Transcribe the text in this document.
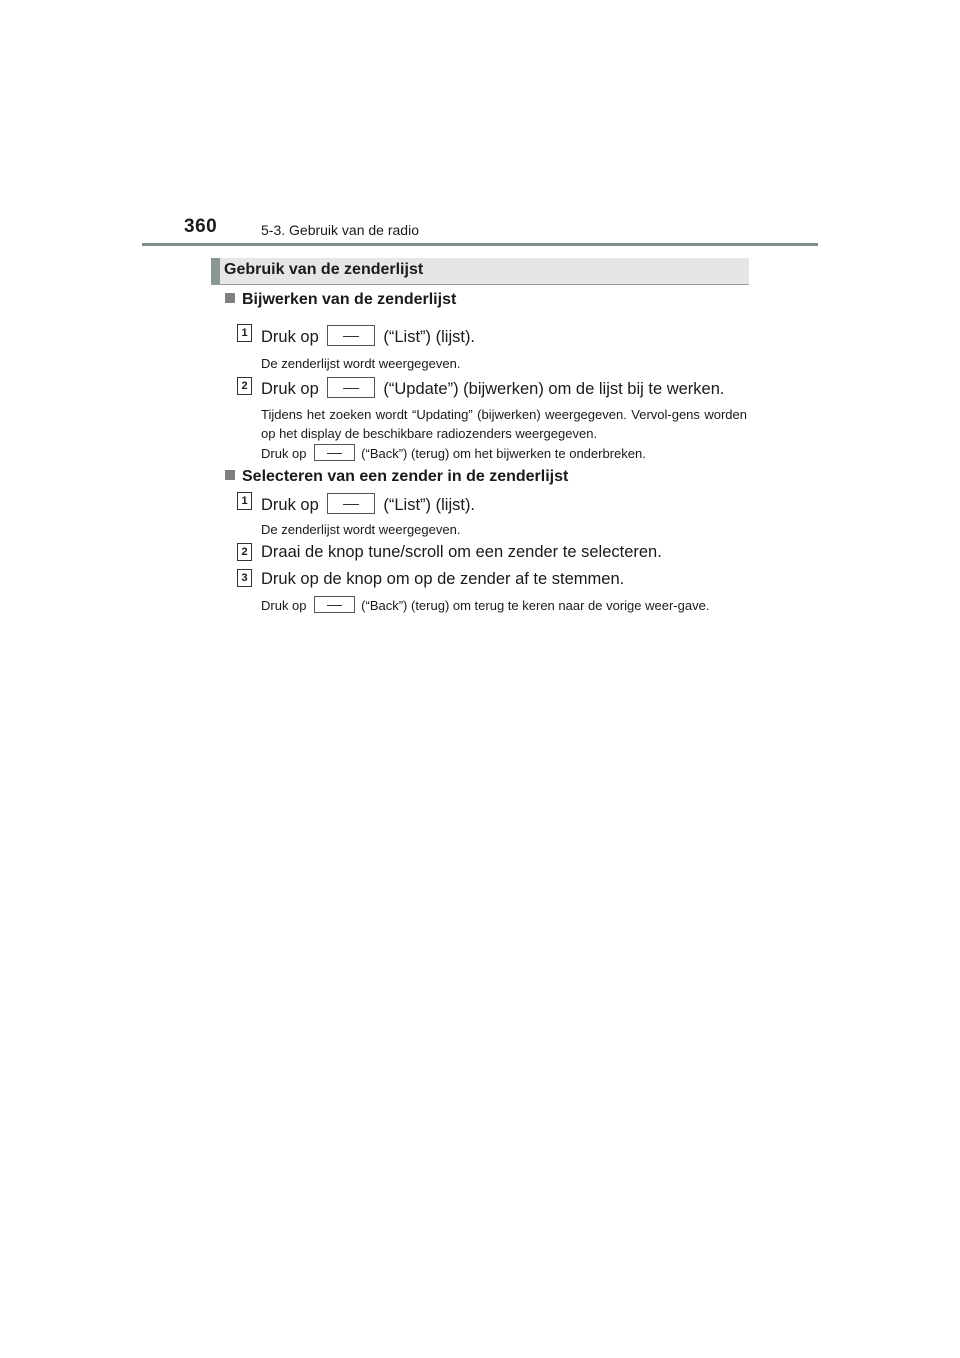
360	5-3. Gebruik van de radio
Gebruik van de zenderlijst
Bijwerken van de zenderlijst
1 Druk op	(“List”) (lijst).
De zenderlijst wordt weergegeven.
2 Druk op	(“Update”) (bijwerken) om de lijst bij te werken.
Tijdens het zoeken wordt “Updating” (bijwerken) weergegeven. Vervol-gens worden op het display de beschikbare radiozenders weergegeven.
Druk op	(“Back”) (terug) om het bijwerken te onderbreken.
Selecteren van een zender in de zenderlijst
1 Druk op	(“List”) (lijst).
De zenderlijst wordt weergegeven.
2 Draai de knop tune/scroll om een zender te selecteren.
3 Druk op de knop om op de zender af te stemmen.
Druk op	(“Back”) (terug) om terug te keren naar de vorige weer-gave.
